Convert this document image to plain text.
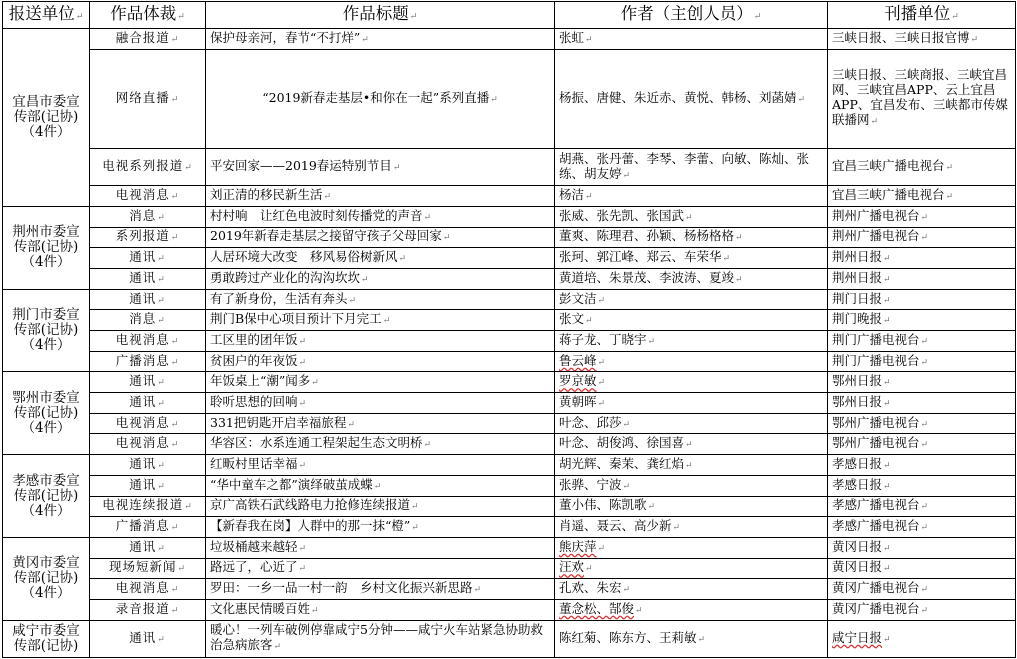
报送单位↵	作品体裁↵	作品标题↵	作者（主创人员）↵	刊播单位↵
宜昌市委宣传部(记协)（4件）	融合报道↵	保护母亲河，春节“不打烊”↵	张虹↵	三峡日报、三峡日报官博↵
	网络直播↵	“2019新春走基层•和你在一起”系列直播↵	杨振、唐健、朱近赤、黄悦、韩杨、刘菡婧↵	三峡日报、三峡商报、三峡宜昌网、三峡宜昌APP、云上宜昌APP、宜昌发布、三峡都市传媒联播网↵
	电视系列报道↵	平安回家——2019春运特别节目↵	胡燕、张丹蕾、李琴、李蕾、向敏、陈灿、张练、胡友婷↵	宜昌三峡广播电视台↵
	电视消息↵	刘正清的移民新生活↵	杨洁↵	宜昌三峡广播电视台↵
荆州市委宣传部(记协)（4件）	消息↵	村村响　让红色电波时刻传播党的声音↵	张威、张先凯、张国武↵	荆州广播电视台↵
	系列报道↵	2019年新春走基层之接留守孩子父母回家↵	董爽、陈理君、孙颖、杨杨格格↵	荆州广播电视台↵
	通讯↵	人居环境大改变　移风易俗树新风↵	张珂、郭江峰、郑云、车荣华↵	荆州日报↵
	通讯↵	勇敢跨过产业化的沟沟坎坎↵	黄道培、朱景茂、李波涛、夏竣↵	荆州日报↵
荆门市委宣传部(记协)（4件）	通讯↵	有了新身份，生活有奔头↵	彭文洁↵	荆门日报↵
	消息↵	荆门B保中心项目预计下月完工↵	张文↵	荆门晚报↵
	电视消息↵	工区里的团年饭↵	蒋子龙、丁晓宇↵	荆门广播电视台↵
	广播消息↵	贫困户的年夜饭↵	鲁云峰↵	荆门广播电视台↵
鄂州市委宣传部(记协)（4件）	通讯↵	年饭桌上“潮”闻多↵	罗京敏↵	鄂州日报↵
	通讯↵	聆听思想的回响↵	黄朝晖↵	鄂州日报↵
	电视消息↵	331把钥匙开启幸福旅程↵	叶念、邱莎↵	鄂州广播电视台↵
	电视消息↵	华容区：水系连通工程架起生态文明桥↵	叶念、胡俊鸿、徐国喜↵	鄂州广播电视台↵
孝感市委宣传部(记协)（4件）	通讯↵	红畈村里话幸福↵	胡光辉、秦茉、龚红焰↵	孝感日报↵
	通讯↵	“华中童车之都”演绎破茧成蝶↵	张骅、宁波↵	孝感日报↵
	电视连续报道↵	京广高铁石武线路电力抢修连续报道↵	董小伟、陈凯歌↵	孝感广播电视台↵
	广播消息↵	【新春我在岗】人群中的那一抹“橙”↵	肖遥、聂云、高少新↵	孝感广播电视台↵
黄冈市委宣传部(记协)（4件）	通讯↵	垃圾桶越来越轻↵	熊庆萍↵	黄冈日报↵
	现场短新闻↵	路远了，心近了↵	汪欢↵	黄冈日报↵
	电视消息↵	罗田：一乡一品一村一韵　乡村文化振兴新思路↵	孔欢、朱宏↵	黄冈广播电视台↵
	录音报道↵	文化惠民情暖百姓↵	董念松、郜俊↵	黄冈广播电视台↵
咸宁市委宣传部(记协)	通讯↵	暖心！一列车破例停靠咸宁5分钟——咸宁火车站紧急协助救治急病旅客↵	陈红菊、陈东方、王莉敏↵	咸宁日报↵
